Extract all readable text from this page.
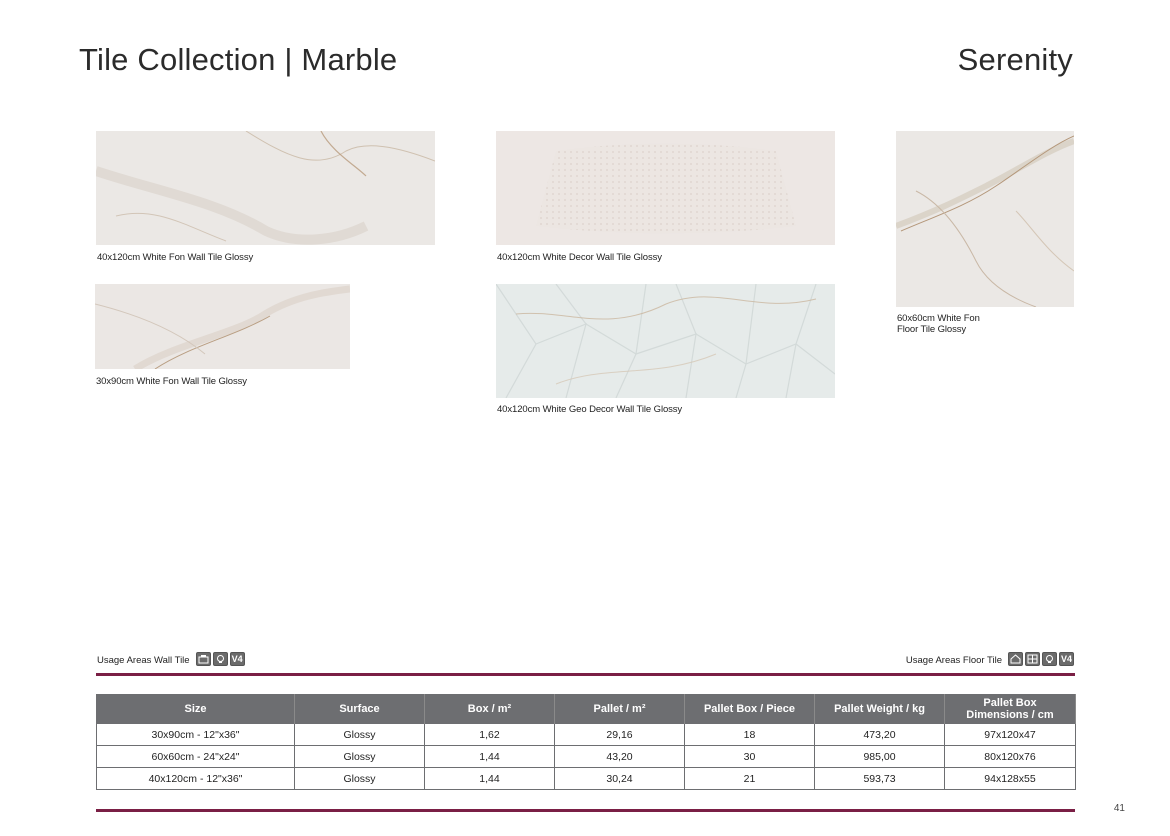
Tile Collection | Marble	Serenity
40x120cm White Fon Wall Tile Glossy	40x120cm White Decor Wall Tile Glossy
60x60cm White Fon
Floor Tile Glossy
30x90cm White Fon Wall Tile Glossy
40x120cm White Geo Decor Wall Tile Glossy
Usage Areas Wall Tile	V4	Usage Areas Floor Tile	V4
Size	Surface	Box / m²	Pallet / m²	Pallet Box / Piece	Pallet Weight / kg	Pallet Box
Dimensions / cm

30x90cm - 12"x36"	Glossy	1,62	29,16	18	473,20	97x120x47
60x60cm - 24"x24"	Glossy	1,44	43,20	30	985,00	80x120x76
40x120cm - 12"x36"	Glossy	1,44	30,24	21	593,73	94x128x55
41
